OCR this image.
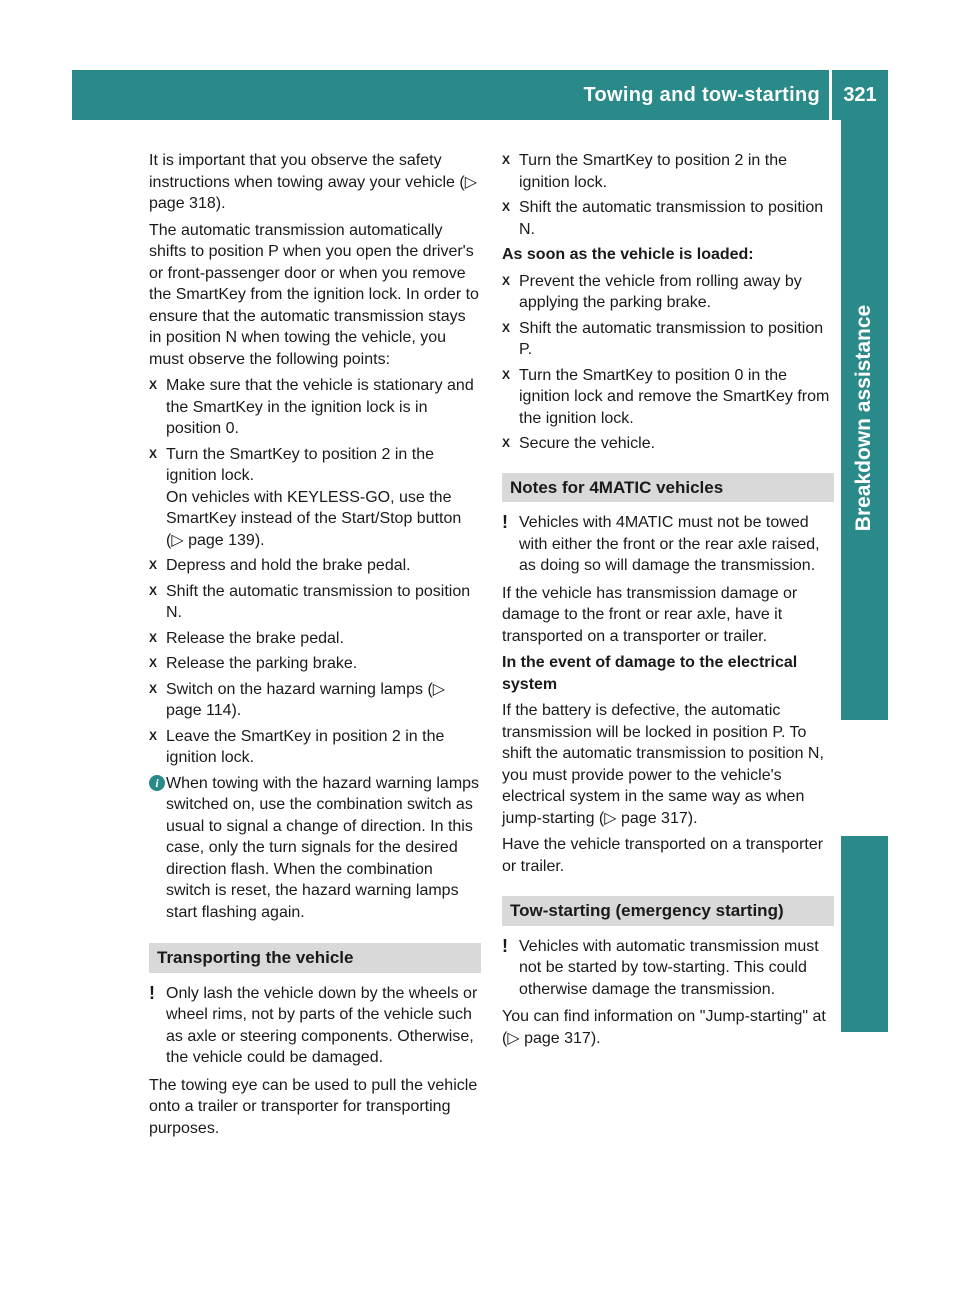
Towing and tow-starting	321
Breakdown assistance

It is important that you observe the safety instructions when towing away your vehicle (▷ page 318).

The automatic transmission automatically shifts to position P when you open the driver's or front-passenger door or when you remove the SmartKey from the ignition lock. In order to ensure that the automatic transmission stays in position N when towing the vehicle, you must observe the following points:

X Make sure that the vehicle is stationary and the SmartKey in the ignition lock is in position 0.
X Turn the SmartKey to position 2 in the ignition lock.
On vehicles with KEYLESS-GO, use the SmartKey instead of the Start/Stop button (▷ page 139).
X Depress and hold the brake pedal.
X Shift the automatic transmission to position N.
X Release the brake pedal.
X Release the parking brake.
X Switch on the hazard warning lamps (▷ page 114).
X Leave the SmartKey in position 2 in the ignition lock.
i When towing with the hazard warning lamps switched on, use the combination switch as usual to signal a change of direction. In this case, only the turn signals for the desired direction flash. When the combination switch is reset, the hazard warning lamps start flashing again.
Transporting the vehicle
! Only lash the vehicle down by the wheels or wheel rims, not by parts of the vehicle such as axle or steering components. Otherwise, the vehicle could be damaged.

The towing eye can be used to pull the vehicle onto a trailer or transporter for transporting purposes.

X Turn the SmartKey to position 2 in the ignition lock.
X Shift the automatic transmission to position N.

As soon as the vehicle is loaded:

X Prevent the vehicle from rolling away by applying the parking brake.
X Shift the automatic transmission to position P.
X Turn the SmartKey to position 0 in the ignition lock and remove the SmartKey from the ignition lock.
X Secure the vehicle.
Notes for 4MATIC vehicles
! Vehicles with 4MATIC must not be towed with either the front or the rear axle raised, as doing so will damage the transmission.

If the vehicle has transmission damage or damage to the front or rear axle, have it transported on a transporter or trailer.

In the event of damage to the electrical system

If the battery is defective, the automatic transmission will be locked in position P. To shift the automatic transmission to position N, you must provide power to the vehicle's electrical system in the same way as when jump-starting (▷ page 317).

Have the vehicle transported on a transporter or trailer.

Tow-starting (emergency starting)
! Vehicles with automatic transmission must not be started by tow-starting. This could otherwise damage the transmission.

You can find information on "Jump-starting" at (▷ page 317).
